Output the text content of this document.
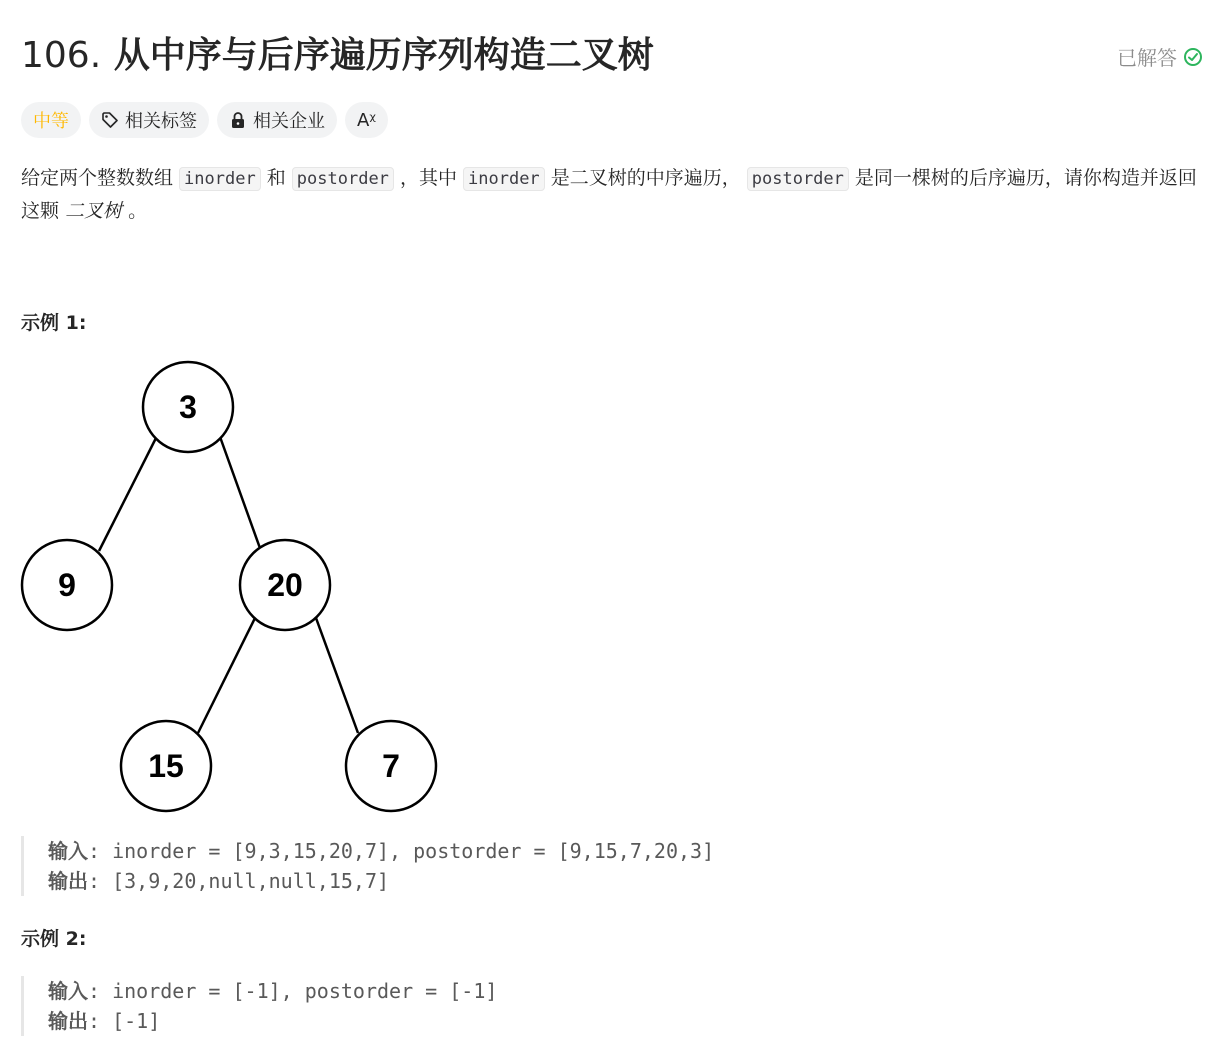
106. 从中序与后序遍历序列构造二叉树	已解答
中等	相关标签	相关企业 Aᵡ
给定两个整数数组 inorder 和 postorder ，其中 inorder 是二叉树的中序遍历， postorder 是同一棵树的后序遍历，请你构造并返回这颗 二叉树 。
示例 1:
3
9	20
15	7
输入: inorder = [9,3,15,20,7], postorder = [9,15,7,20,3]
输出: [3,9,20,null,null,15,7]
示例 2:
输入: inorder = [-1], postorder = [-1]
输出: [-1]
